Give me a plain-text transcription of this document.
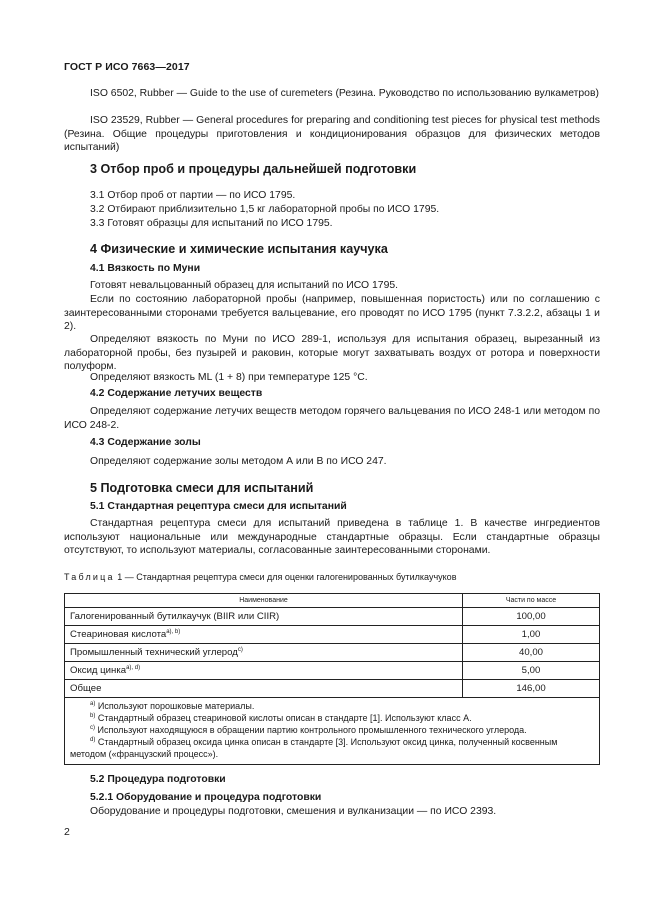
ГОСТ Р ИСО 7663—2017
ISO 6502, Rubber — Guide to the use of curemeters (Резина. Руководство по использованию вулкаметров)
ISO 23529, Rubber — General procedures for preparing and conditioning test pieces for physical test methods (Резина. Общие процедуры приготовления и кондиционирования образцов для физических методов испытаний)
3 Отбор проб и процедуры дальнейшей подготовки
3.1 Отбор проб от партии — по ИСО 1795.
3.2 Отбирают приблизительно 1,5 кг лабораторной пробы по ИСО 1795.
3.3 Готовят образцы для испытаний по ИСО 1795.
4 Физические и химические испытания каучука
4.1 Вязкость по Муни
Готовят невальцованный образец для испытаний по ИСО 1795.
Если по состоянию лабораторной пробы (например, повышенная пористость) или по соглашению с заинтересованными сторонами требуется вальцевание, его проводят по ИСО 1795 (пункт 7.3.2.2, абзацы 1 и 2).
Определяют вязкость по Муни по ИСО 289-1, используя для испытания образец, вырезанный из лабораторной пробы, без пузырей и раковин, которые могут захватывать воздух от ротора и поверхности полуформ.
Определяют вязкость ML (1 + 8) при температуре 125 °С.
4.2 Содержание летучих веществ
Определяют содержание летучих веществ методом горячего вальцевания по ИСО 248-1 или методом по ИСО 248-2.
4.3 Содержание золы
Определяют содержание золы методом А или В по ИСО 247.
5 Подготовка смеси для испытаний
5.1 Стандартная рецептура смеси для испытаний
Стандартная рецептура смеси для испытаний приведена в таблице 1. В качестве ингредиентов используют национальные или международные стандартные образцы. Если стандартные образцы отсутствуют, то используют материалы, согласованные заинтересованными сторонами.
Таблица 1 — Стандартная рецептура смеси для оценки галогенированных бутилкаучуков
Наименование	Части по массе
Галогенированный бутилкаучук (BIIR или CIIR)	100,00
Стеариновая кислота$^{a), b)}$	1,00
Промышленный технический углерод$^{c)}$	40,00
Оксид цинка$^{a), d)}$	5,00
Общее	146,00

$^{a)}$ Используют порошковые материалы.
$^{b)}$ Стандартный образец стеариновой кислоты описан в стандарте [1]. Используют класс А.
$^{c)}$ Используют находящуюся в обращении партию контрольного промышленного технического углерода.
$^{d)}$ Стандартный образец оксида цинка описан в стандарте [3]. Используют оксид цинка, полученный косвенным методом («французский процесс»).	
5.2 Процедура подготовки
5.2.1 Оборудование и процедура подготовки
Оборудование и процедуры подготовки, смешения и вулканизации — по ИСО 2393.
2
